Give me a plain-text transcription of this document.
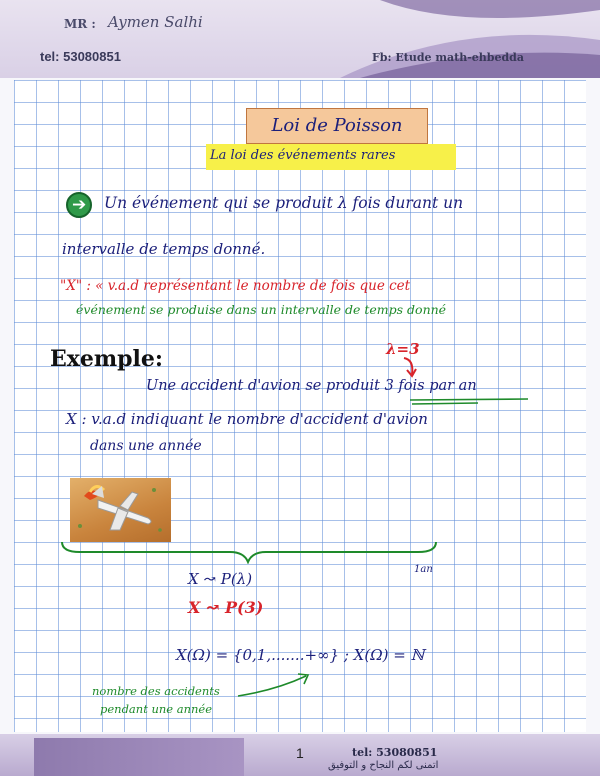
MR : Aymen Salhi
tel: 53080851	Fb: Etude math-ehbedda
Loi de Poisson
La loi des événements rares
➔ Un événement qui se produit λ fois durant un
intervalle de temps donné.
"X" : « v.a.d représentant le nombre de fois que cet
événement se produise dans un intervalle de temps donné
Exemple:	λ=3
Une accident d'avion se produit 3 fois par an
X : v.a.d indiquant le nombre d'accident d'avion
dans une année
1an
X ↝ P(λ)
X ↝ P(3)
X(Ω) = {0,1,.......+∞} ; X(Ω) = ℕ
nombre des accidents
pendant une année
1	tel: 53080851
اتمنى لكم النجاح و التوفيق
